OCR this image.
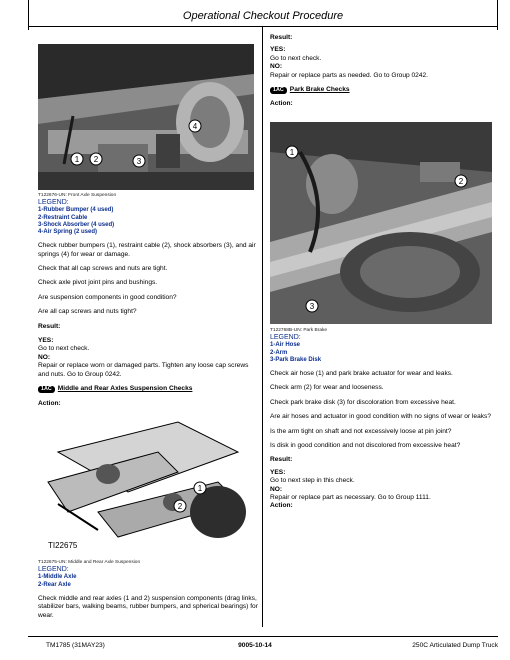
Operational Checkout Procedure
1 2	3
4
T122676-UN: Front Axle Suspension
LEGEND:
1-Rubber Bumper (4 used)
2-Restraint Cable
3-Shock Absorber (4 used)
4-Air Spring (2 used)

Check rubber bumpers (1), restraint cable (2), shock absorbers (3), and air springs (4) for wear or damage.

Check that all cap screws and nuts are tight.

Check axle pivot joint pins and bushings.

Are suspension components in good condition?

Are all cap screws and nuts tight?

Result:
YES:
Go to next check.
NO:
Repair or replace worn or damaged parts. Tighten any loose cap screws and nuts. Go to Group 0242.
1AC Middle and Rear Axles Suspension Checks
Action:
1
2
TI22675
T122675-UN: Middle and Rear Axle Suspension
LEGEND:
1-Middle Axle
2-Rear Axle

Check middle and rear axles (1 and 2) suspension components (drag links, stabilizer bars, walking beams, rubber bumpers, and spherical bearings) for wear.

Result:
YES:
Go to next check.
NO:
Repair or replace parts as needed. Go to Group 0242.
1AC Park Brake Checks
Action:
1
2
3
T122768B-UN: Park Brake
LEGEND:
1-Air Hose
2-Arm
3-Park Brake Disk

Check air hose (1) and park brake actuator for wear and leaks.

Check arm (2) for wear and looseness.

Check park brake disk (3) for discoloration from excessive heat.

Are air hoses and actuator in good condition with no signs of wear or leaks?

Is the arm tight on shaft and not excessively loose at pin joint?

Is disk in good condition and not discolored from excessive heat?

Result:
YES:
Go to next step in this check.
NO:
Repair or replace part as necessary. Go to Group 1111.
Action:
TM1785 (31MAY23)	9005-10-14	250C Articulated Dump Truck
